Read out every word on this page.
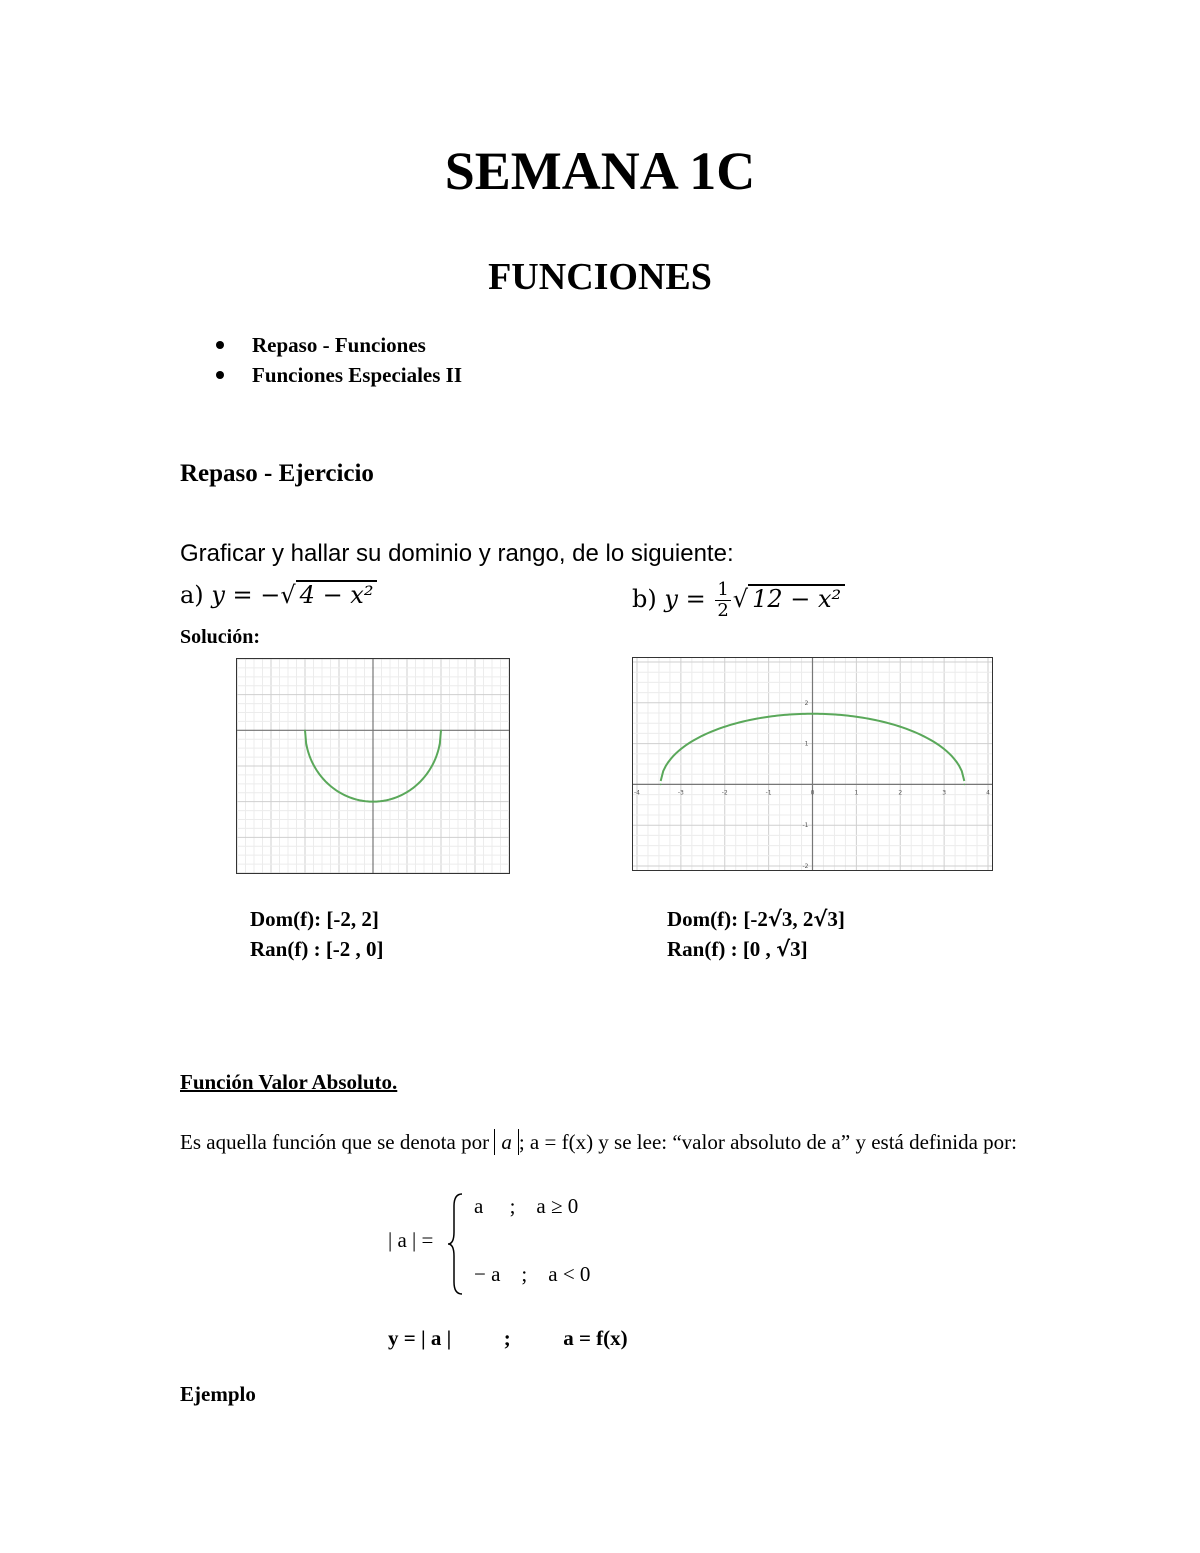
SEMANA 1C
FUNCIONES
Repaso - Funciones
Funciones Especiales II
Repaso - Ejercicio
Graficar y hallar su dominio y rango, de lo siguiente:
a) y = −√ 4 − x²	b) $y = \frac{1}{2}$ √ 12 − x²
Solución:
-4	-3	-2	-1	0	1	2	3	4
2
1
-1
-2
Dom(f): [-2, 2]
Ran(f) : [-2 , 0]
Dom(f): [-2√3, 2√3]
Ran(f) : [0 , √3]
Función Valor Absoluto.
Es aquella función que se denota por a ; a = f(x) y se lee: “valor absoluto de a” y está definida por:
| a | =
a     ;    a ≥ 0
− a    ;    a < 0
y = | a |          ;          a = f(x)
Ejemplo
